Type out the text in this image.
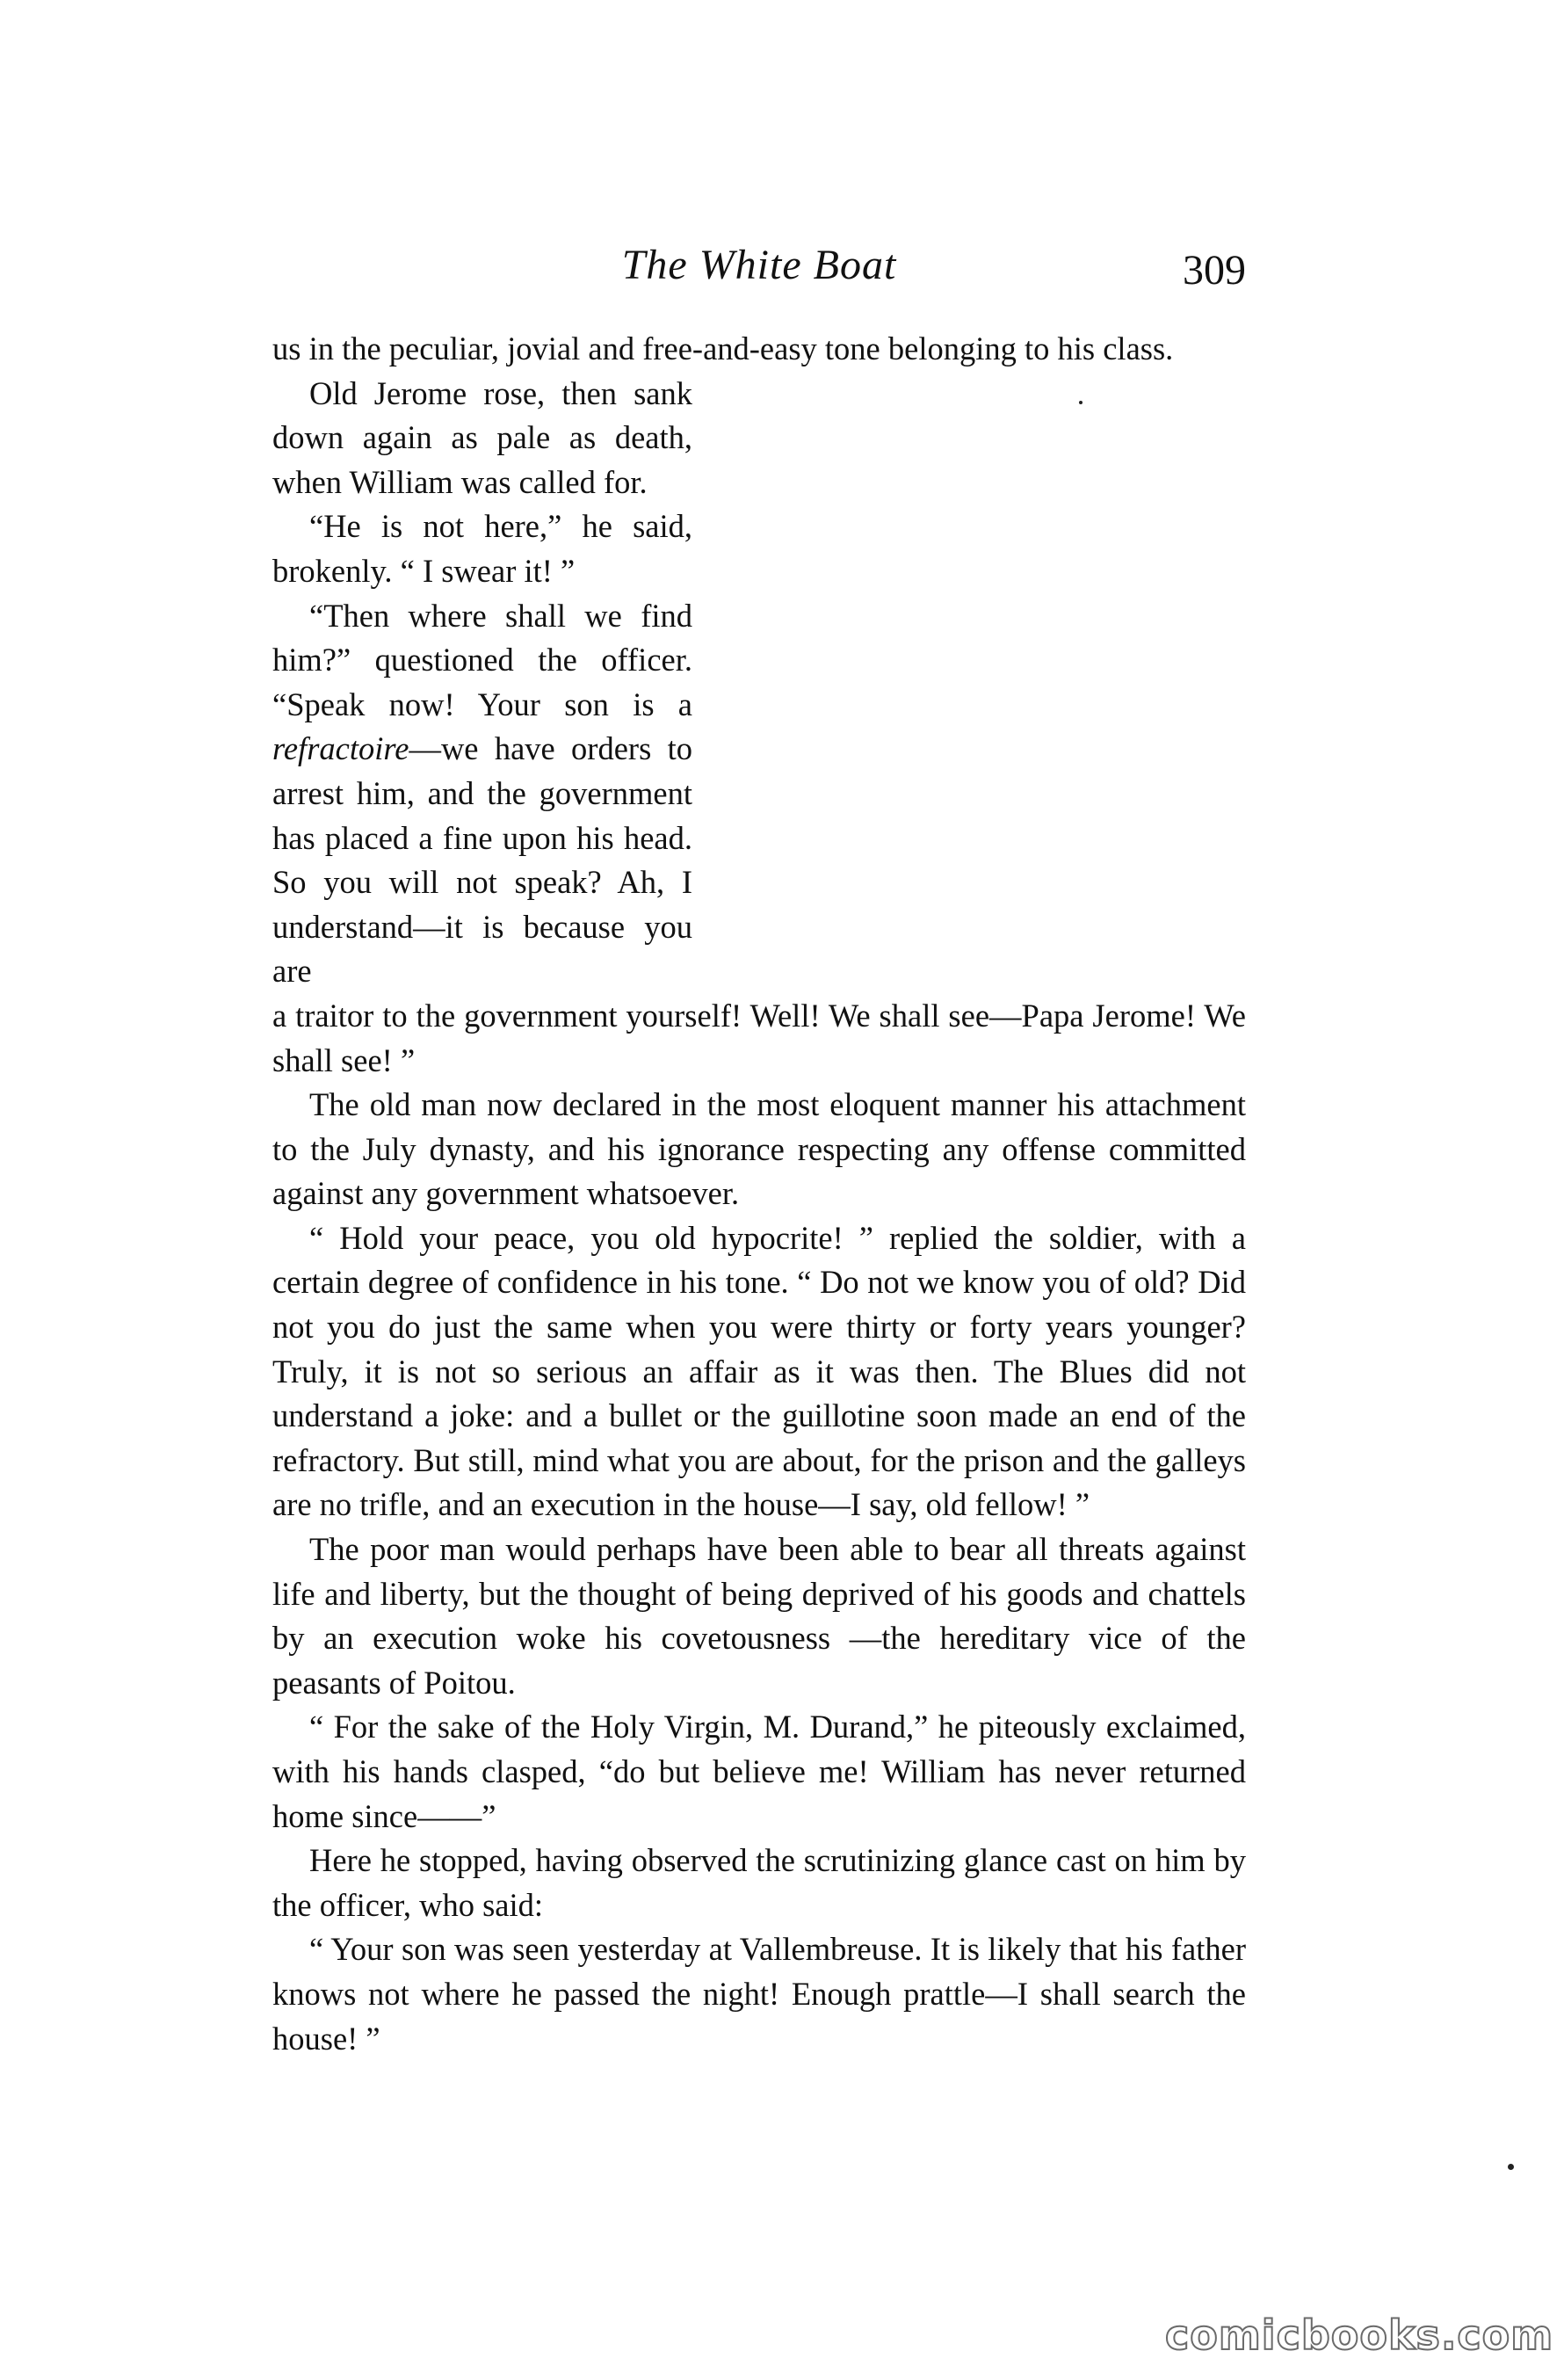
The White Boat	309

us in the peculiar, jovial and free-and-easy tone belonging to his class.

Old Jerome rose, then sank down again as pale as death, when William was called for.

“He is not here,” he said, brokenly. “ I swear it! ”

“Then where shall we find him?” questioned the officer. “Speak now! Your son is a refractoire—we have orders to arrest him, and the government has placed a fine upon his head. So you will not speak? Ah, I understand—it is because you are

a traitor to the government yourself! Well! We shall see—Papa Jerome! We shall see! ”

The old man now declared in the most eloquent manner his attachment to the July dynasty, and his ignorance respecting any offense committed against any government whatsoever.

“ Hold your peace, you old hypocrite! ” replied the soldier, with a certain degree of confidence in his tone. “ Do not we know you of old? Did not you do just the same when you were thirty or forty years younger? Truly, it is not so serious an affair as it was then. The Blues did not understand a joke: and a bullet or the guillotine soon made an end of the refractory. But still, mind what you are about, for the prison and the galleys are no trifle, and an execution in the house—I say, old fellow! ”

The poor man would perhaps have been able to bear all threats against life and liberty, but the thought of being deprived of his goods and chattels by an execution woke his covetousness —the hereditary vice of the peasants of Poitou.

“ For the sake of the Holy Virgin, M. Durand,” he piteously exclaimed, with his hands clasped, “do but believe me! William has never returned home since——”

Here he stopped, having observed the scrutinizing glance cast on him by the officer, who said:

“ Your son was seen yesterday at Vallembreuse. It is likely that his father knows not where he passed the night! Enough prattle—I shall search the house! ”

comicbooks.com
